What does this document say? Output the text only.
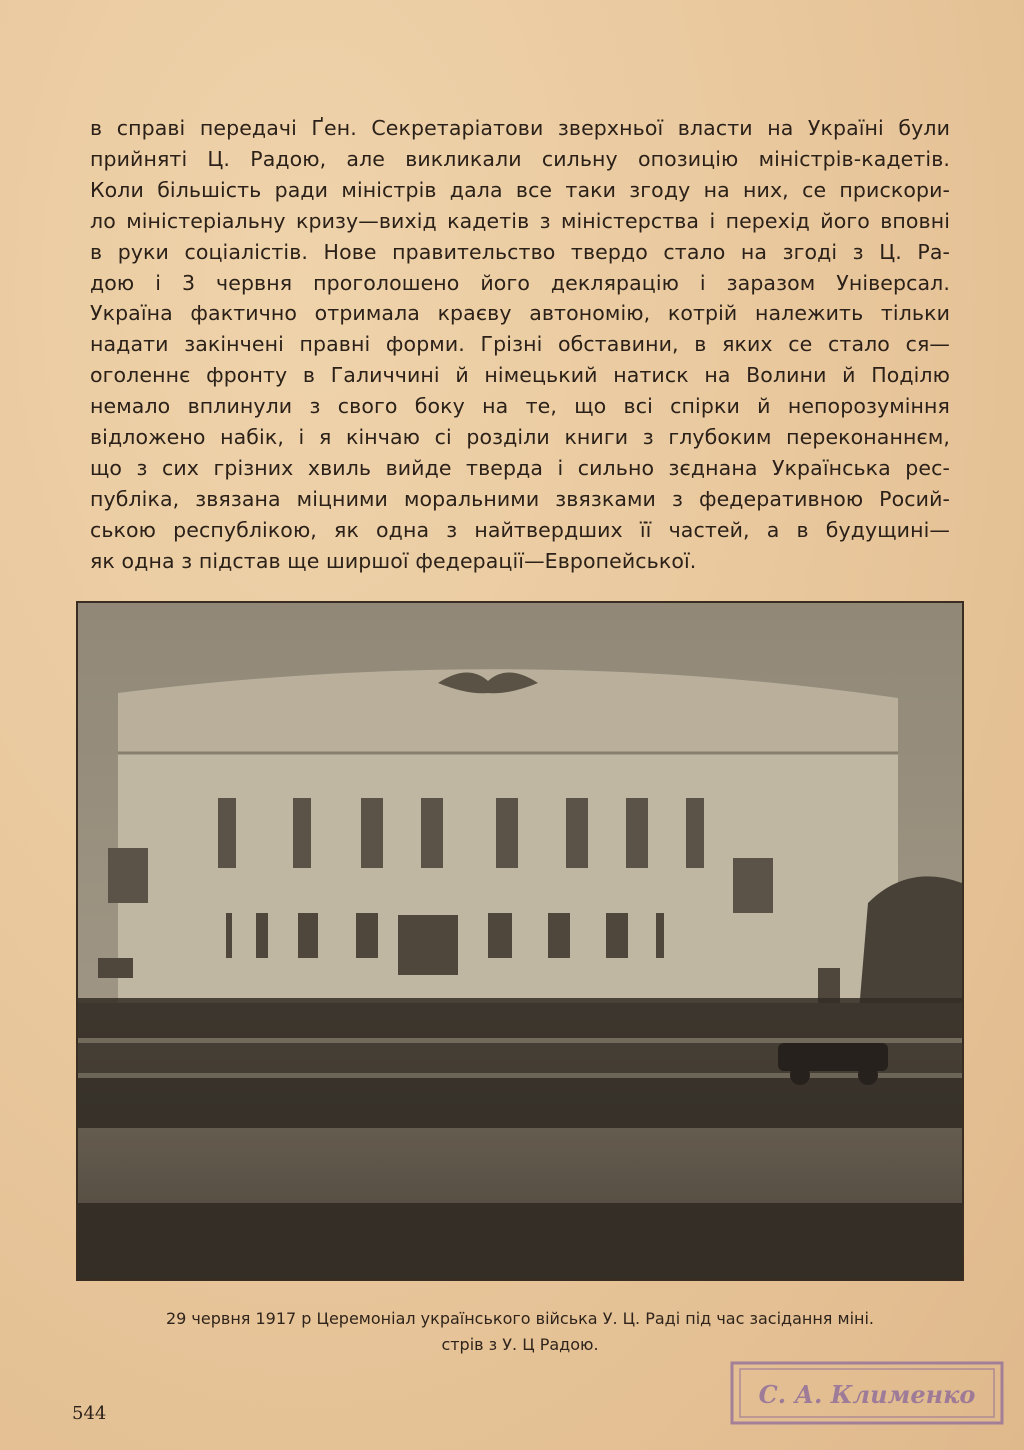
в справі передачі Ґен. Секретаріатови зверхньої власти на Україні були
прийняті Ц. Радою, але викликали сильну опозицію міністрів-кадетів.
Коли більшість ради міністрів дала все таки згоду на них, се прискори-
ло міністеріальну кризу—вихід кадетів з міністерства і перехід його вповні
в руки соціалістів. Нове правительство твердо стало на згоді з Ц. Ра-
дою і 3 червня проголошено його деклярацію і заразом Універсал.
Україна фактично отримала краєву автономію, котрій належить тільки
надати закінчені правні форми. Грізні обставини, в яких се стало ся—
оголеннє фронту в Галиччині й німецький натиск на Волини й Поділю
немало вплинули з свого боку на те, що всі спірки й непорозуміння
відложено набік, і я кінчаю сі розділи книги з глубоким переконаннєм,
що з сих грізних хвиль вийде тверда і сильно зєднана Українська рес-
публіка, звязана міцними моральними звязками з федеративною Росий-
ською республікою, як одна з найтвердших її частей, а в будущині—
як одна з підстав ще ширшої федерації—Европейської.
29 червня 1917 р Церемоніал українського війська У. Ц. Раді під час засідання міні.
стрів з У. Ц Радою.
544
С. А. Клименко
